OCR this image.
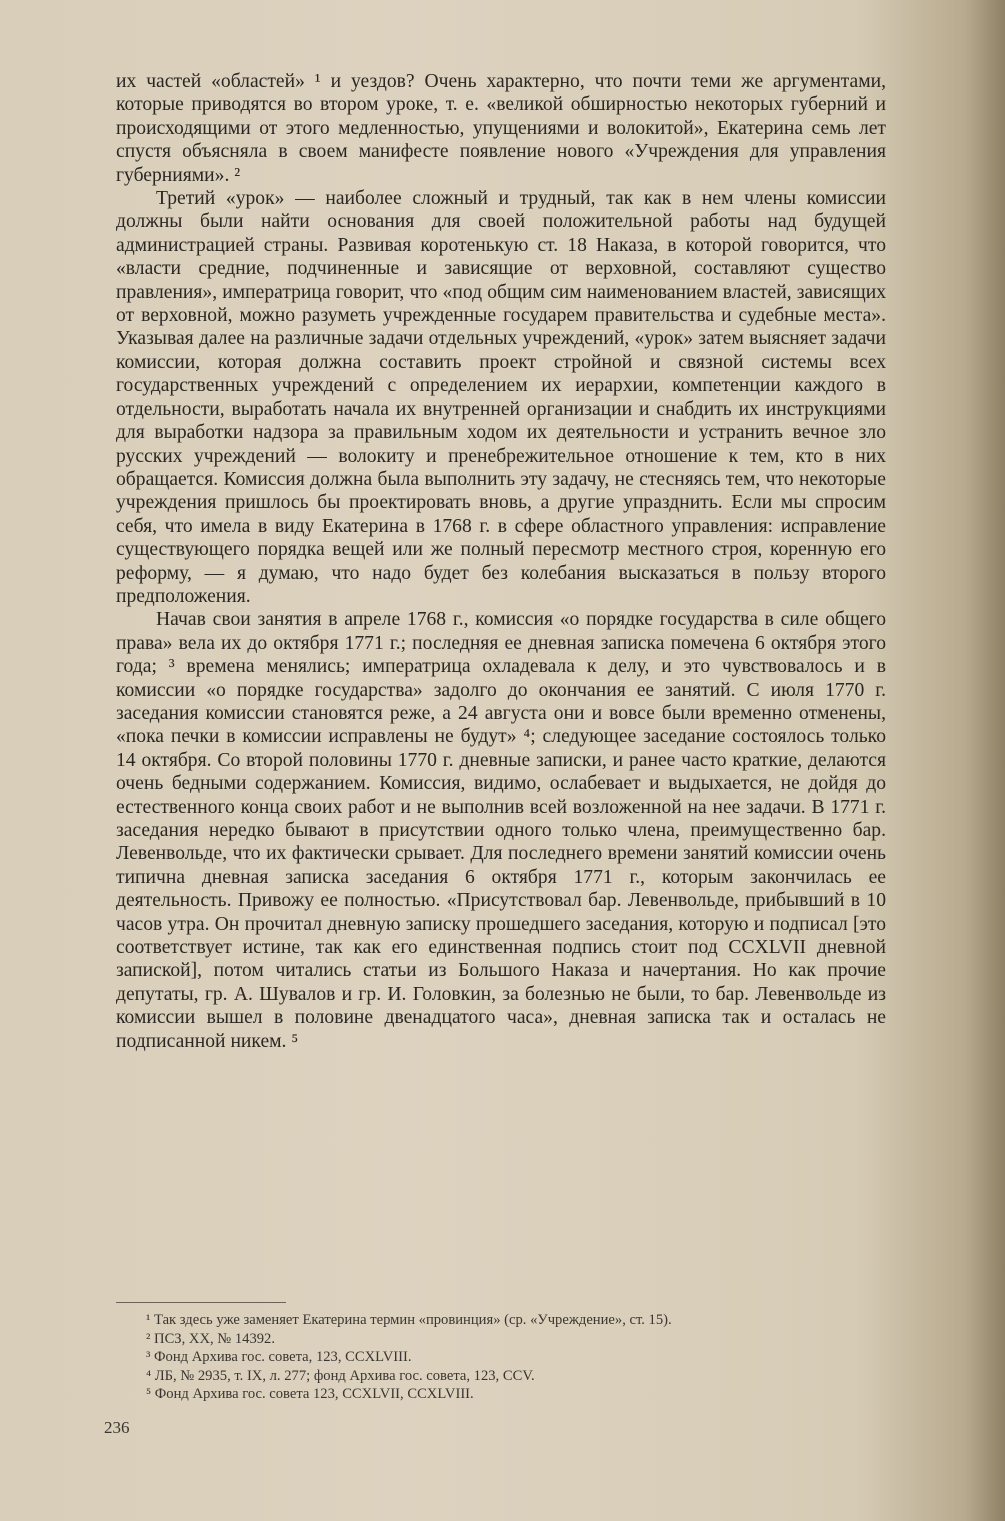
их частей «областей» ¹ и уездов? Очень характерно, что почти теми же аргументами, которые приводятся во втором уроке, т. е. «великой обширностью некоторых губерний и происходящими от этого медленностью, упущениями и волокитой», Екатерина семь лет спустя объясняла в своем манифесте появление нового «Учреждения для управления губерниями». ²

Третий «урок» — наиболее сложный и трудный, так как в нем члены комиссии должны были найти основания для своей положительной работы над будущей администрацией страны. Развивая коротенькую ст. 18 Наказа, в которой говорится, что «власти средние, подчиненные и зависящие от верховной, составляют существо правления», императрица говорит, что «под общим сим наименованием властей, зависящих от верховной, можно разуметь учрежденные государем правительства и судебные места». Указывая далее на различные задачи отдельных учреждений, «урок» затем выясняет задачи комиссии, которая должна составить проект стройной и связной системы всех государственных учреждений с определением их иерархии, компетенции каждого в отдельности, выработать начала их внутренней организации и снабдить их инструкциями для выработки надзора за правильным ходом их деятельности и устранить вечное зло русских учреждений — волокиту и пренебрежительное отношение к тем, кто в них обращается. Комиссия должна была выполнить эту задачу, не стесняясь тем, что некоторые учреждения пришлось бы проектировать вновь, а другие упразднить. Если мы спросим себя, что имела в виду Екатерина в 1768 г. в сфере областного управления: исправление существующего порядка вещей или же полный пересмотр местного строя, коренную его реформу, — я думаю, что надо будет без колебания высказаться в пользу второго предположения.

Начав свои занятия в апреле 1768 г., комиссия «о порядке государства в силе общего права» вела их до октября 1771 г.; последняя ее дневная записка помечена 6 октября этого года; ³ времена менялись; императрица охладевала к делу, и это чувствовалось и в комиссии «о порядке государства» задолго до окончания ее занятий. С июля 1770 г. заседания комиссии становятся реже, а 24 августа они и вовсе были временно отменены, «пока печки в комиссии исправлены не будут» ⁴; следующее заседание состоялось только 14 октября. Со второй половины 1770 г. дневные записки, и ранее часто краткие, делаются очень бедными содержанием. Комиссия, видимо, ослабевает и выдыхается, не дойдя до естественного конца своих работ и не выполнив всей возложенной на нее задачи. В 1771 г. заседания нередко бывают в присутствии одного только члена, преимущественно бар. Левенвольде, что их фактически срывает. Для последнего времени занятий комиссии очень типична дневная записка заседания 6 октября 1771 г., которым закончилась ее деятельность. Привожу ее полностью. «Присутствовал бар. Левенвольде, прибывший в 10 часов утра. Он прочитал дневную записку прошедшего заседания, которую и подписал [это соответствует истине, так как его единственная подпись стоит под CCXLVII дневной запиской], потом читались статьи из Большого Наказа и начертания. Но как прочие депутаты, гр. А. Шувалов и гр. И. Головкин, за болезнью не были, то бар. Левенвольде из комиссии вышел в половине двенадцатого часа», дневная записка так и осталась не подписанной никем. ⁵

¹ Так здесь уже заменяет Екатерина термин «провинция» (ср. «Учреждение», ст. 15).

² ПСЗ, XX, № 14392.

³ Фонд Архива гос. совета, 123, CCXLVIII.

⁴ ЛБ, № 2935, т. IX, л. 277; фонд Архива гос. совета, 123, CCV.

⁵ Фонд Архива гос. совета 123, CCXLVII, CCXLVIII.

236
